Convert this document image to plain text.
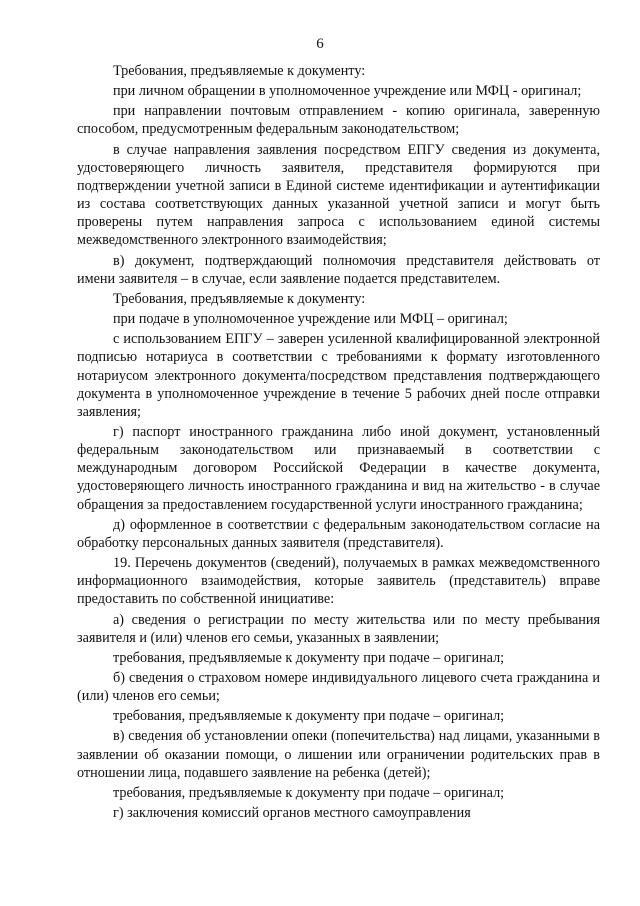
6

Требования, предъявляемые к документу:

при личном обращении в уполномоченное учреждение или МФЦ - оригинал;

при направлении почтовым отправлением - копию оригинала, заверенную способом, предусмотренным федеральным законодательством;

в случае направления заявления посредством ЕПГУ сведения из документа, удостоверяющего личность заявителя, представителя формируются при подтверждении учетной записи в Единой системе идентификации и аутентификации из состава соответствующих данных указанной учетной записи и могут быть проверены путем направления запроса с использованием единой системы межведомственного электронного взаимодействия;

в) документ, подтверждающий полномочия представителя действовать от имени заявителя – в случае, если заявление подается представителем.

Требования, предъявляемые к документу:

при подаче в уполномоченное учреждение или МФЦ – оригинал;

с использованием ЕПГУ – заверен усиленной квалифицированной электронной подписью нотариуса в соответствии с требованиями к формату изготовленного нотариусом электронного документа/посредством представления подтверждающего документа в уполномоченное учреждение в течение 5 рабочих дней после отправки заявления;

г) паспорт иностранного гражданина либо иной документ, установленный федеральным законодательством или признаваемый в соответствии с международным договором Российской Федерации в качестве документа, удостоверяющего личность иностранного гражданина и вид на жительство - в случае обращения за предоставлением государственной услуги иностранного гражданина;

д) оформленное в соответствии с федеральным законодательством согласие на обработку персональных данных заявителя (представителя).

19. Перечень документов (сведений), получаемых в рамках межведомственного информационного взаимодействия, которые заявитель (представитель) вправе предоставить по собственной инициативе:

а) сведения о регистрации по месту жительства или по месту пребывания заявителя и (или) членов его семьи, указанных в заявлении;

требования, предъявляемые к документу при подаче – оригинал;

б) сведения о страховом номере индивидуального лицевого счета гражданина и (или) членов его семьи;

требования, предъявляемые к документу при подаче – оригинал;

в) сведения об установлении опеки (попечительства) над лицами, указанными в заявлении об оказании помощи, о лишении или ограничении родительских прав в отношении лица, подавшего заявление на ребенка (детей);

требования, предъявляемые к документу при подаче – оригинал;

г) заключения комиссий органов местного самоуправления
